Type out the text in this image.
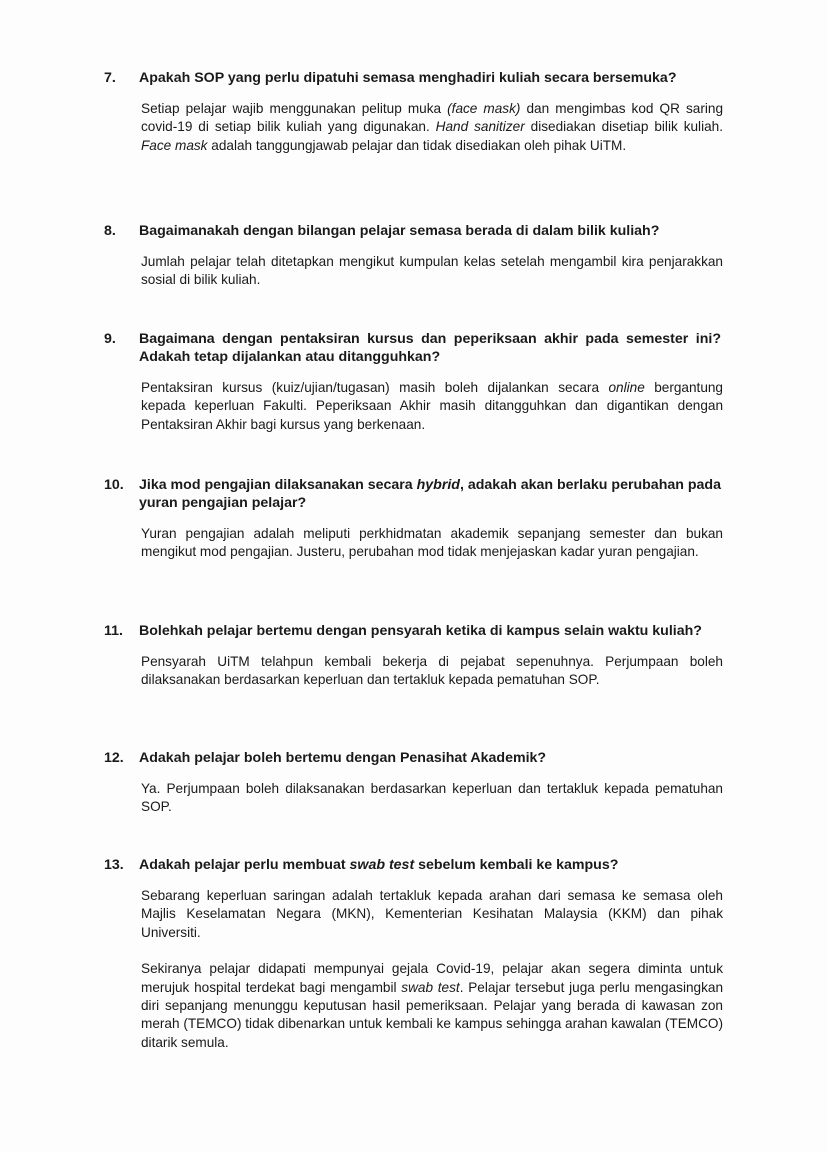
7.	Apakah SOP yang perlu dipatuhi semasa menghadiri kuliah secara bersemuka?

Setiap pelajar wajib menggunakan pelitup muka (face mask) dan mengimbas kod QR saring covid-19 di setiap bilik kuliah yang digunakan. Hand sanitizer disediakan disetiap bilik kuliah. Face mask adalah tanggungjawab pelajar dan tidak disediakan oleh pihak UiTM.

8.	Bagaimanakah dengan bilangan pelajar semasa berada di dalam bilik kuliah?

Jumlah pelajar telah ditetapkan mengikut kumpulan kelas setelah mengambil kira penjarakkan sosial di bilik kuliah.

9.	Bagaimana dengan pentaksiran kursus dan peperiksaan akhir pada semester ini? Adakah tetap dijalankan atau ditangguhkan?

Pentaksiran kursus (kuiz/ujian/tugasan) masih boleh dijalankan secara online bergantung kepada keperluan Fakulti. Peperiksaan Akhir masih ditangguhkan dan digantikan dengan Pentaksiran Akhir bagi kursus yang berkenaan.

10.	Jika mod pengajian dilaksanakan secara hybrid, adakah akan berlaku perubahan pada yuran pengajian pelajar?

Yuran pengajian adalah meliputi perkhidmatan akademik sepanjang semester dan bukan mengikut mod pengajian. Justeru, perubahan mod tidak menjejaskan kadar yuran pengajian.

11.	Bolehkah pelajar bertemu dengan pensyarah ketika di kampus selain waktu kuliah?

Pensyarah UiTM telahpun kembali bekerja di pejabat sepenuhnya. Perjumpaan boleh dilaksanakan berdasarkan keperluan dan tertakluk kepada pematuhan SOP.

12.	Adakah pelajar boleh bertemu dengan Penasihat Akademik?

Ya. Perjumpaan boleh dilaksanakan berdasarkan keperluan dan tertakluk kepada pematuhan SOP.

13.	Adakah pelajar perlu membuat swab test sebelum kembali ke kampus?

Sebarang keperluan saringan adalah tertakluk kepada arahan dari semasa ke semasa oleh Majlis Keselamatan Negara (MKN), Kementerian Kesihatan Malaysia (KKM) dan pihak Universiti.

Sekiranya pelajar didapati mempunyai gejala Covid-19, pelajar akan segera diminta untuk merujuk hospital terdekat bagi mengambil swab test. Pelajar tersebut juga perlu mengasingkan diri sepanjang menunggu keputusan hasil pemeriksaan. Pelajar yang berada di kawasan zon merah (TEMCO) tidak dibenarkan untuk kembali ke kampus sehingga arahan kawalan (TEMCO) ditarik semula.
